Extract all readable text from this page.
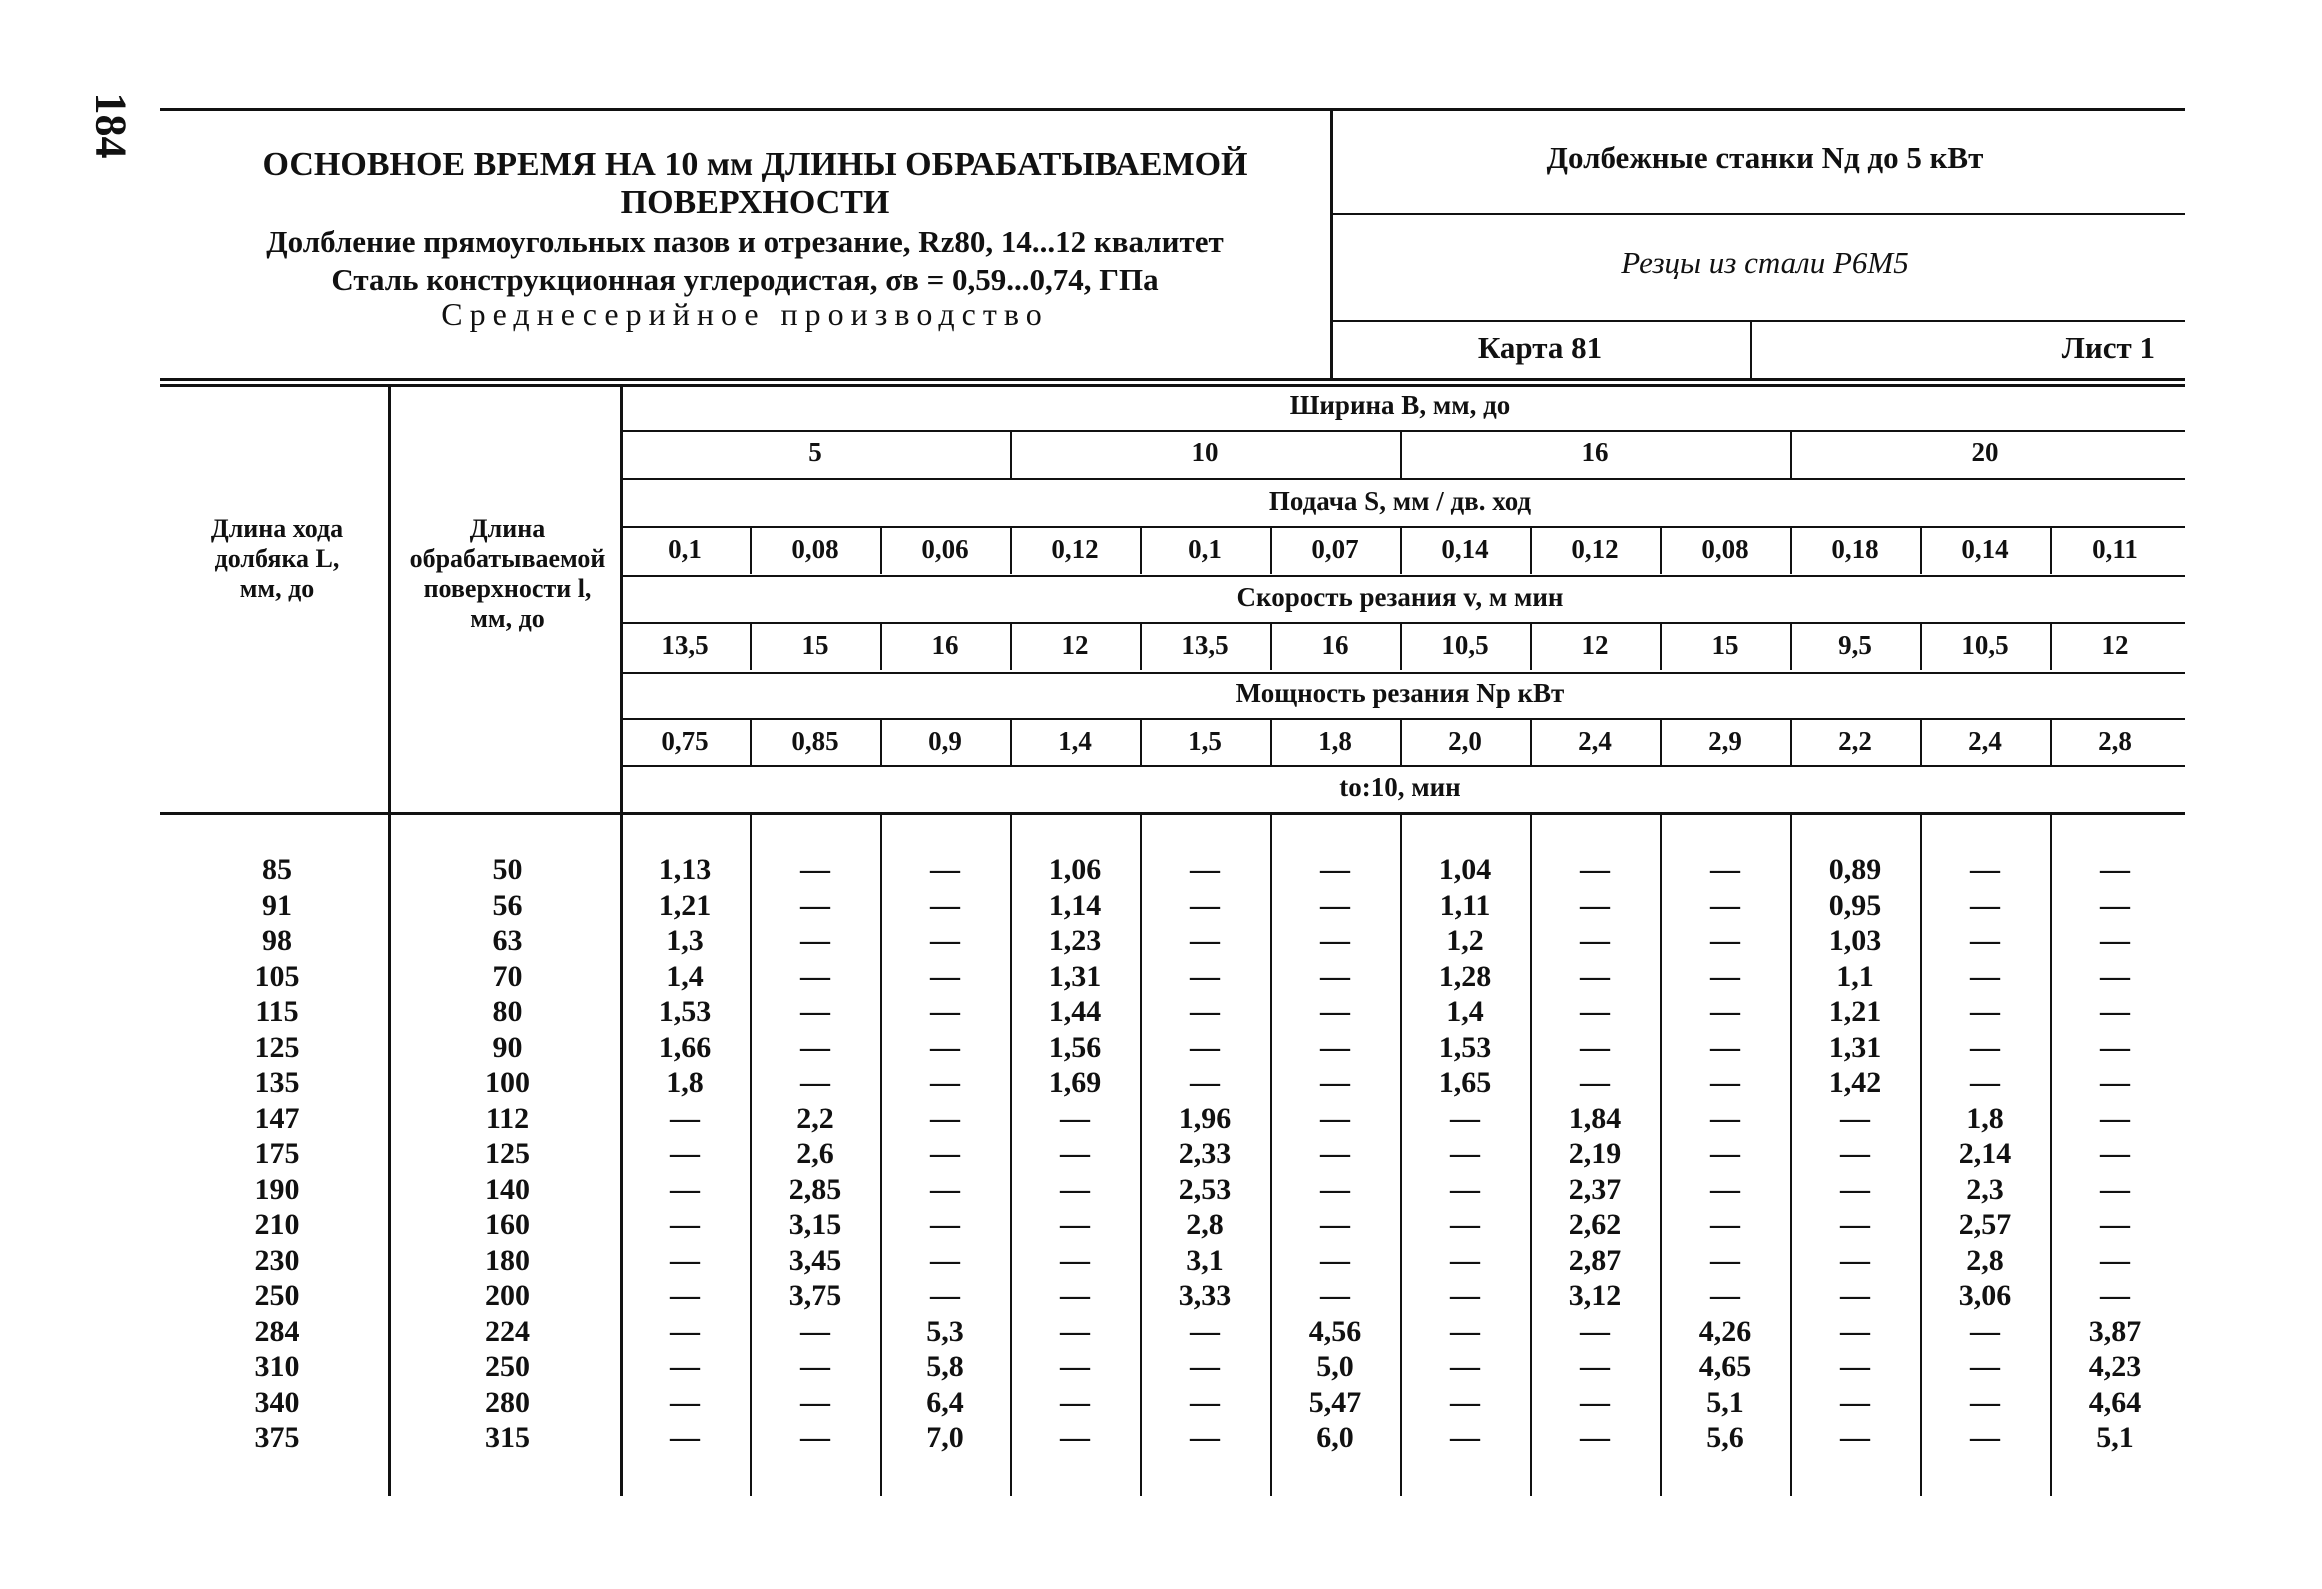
184
ОСНОВНОЕ ВРЕМЯ НА 10 мм ДЛИНЫ ОБРАБАТЫВАЕМОЙ ПОВЕРХНОСТИ
Долбление прямоугольных пазов и отрезание, Rz80, 14...12 квалитет
Сталь конструкционная углеродистая, σв = 0,59...0,74, ГПа
Среднесерийное производство
Долбежные станки Nд до 5 кВт
Резцы из стали Р6М5
Карта 81	Лист 1
Длина хода долбяка L, мм, до
Длина обрабатываемой поверхности l, мм, до
Ширина В, мм, до
5	10	16	20
Подача S, мм / дв. ход
0,1	0,08	0,06	0,12	0,1	0,07	0,14	0,12	0,08	0,18	0,14	0,11
Скорость резания v, м мин
13,5	15	16	12	13,5	16	10,5	12	15	9,5	10,5	12
Мощность резания Np кВт
0,75	0,85	0,9	1,4	1,5	1,8	2,0	2,4	2,9	2,2	2,4	2,8
tо:10, мин
85	50	1,13	—	—	1,06	—	—	1,04	—	—	0,89	—	—
91	56	1,21	—	—	1,14	—	—	1,11	—	—	0,95	—	—
98	63	1,3	—	—	1,23	—	—	1,2	—	—	1,03	—	—
105	70	1,4	—	—	1,31	—	—	1,28	—	—	1,1	—	—
115	80	1,53	—	—	1,44	—	—	1,4	—	—	1,21	—	—
125	90	1,66	—	—	1,56	—	—	1,53	—	—	1,31	—	—
135	100	1,8	—	—	1,69	—	—	1,65	—	—	1,42	—	—
147	112	—	2,2	—	—	1,96	—	—	1,84	—	—	1,8	—
175	125	—	2,6	—	—	2,33	—	—	2,19	—	—	2,14	—
190	140	—	2,85	—	—	2,53	—	—	2,37	—	—	2,3	—
210	160	—	3,15	—	—	2,8	—	—	2,62	—	—	2,57	—
230	180	—	3,45	—	—	3,1	—	—	2,87	—	—	2,8	—
250	200	—	3,75	—	—	3,33	—	—	3,12	—	—	3,06	—
284	224	—	—	5,3	—	—	4,56	—	—	4,26	—	—	3,87
310	250	—	—	5,8	—	—	5,0	—	—	4,65	—	—	4,23
340	280	—	—	6,4	—	—	5,47	—	—	5,1	—	—	4,64
375	315	—	—	7,0	—	—	6,0	—	—	5,6	—	—	5,1
